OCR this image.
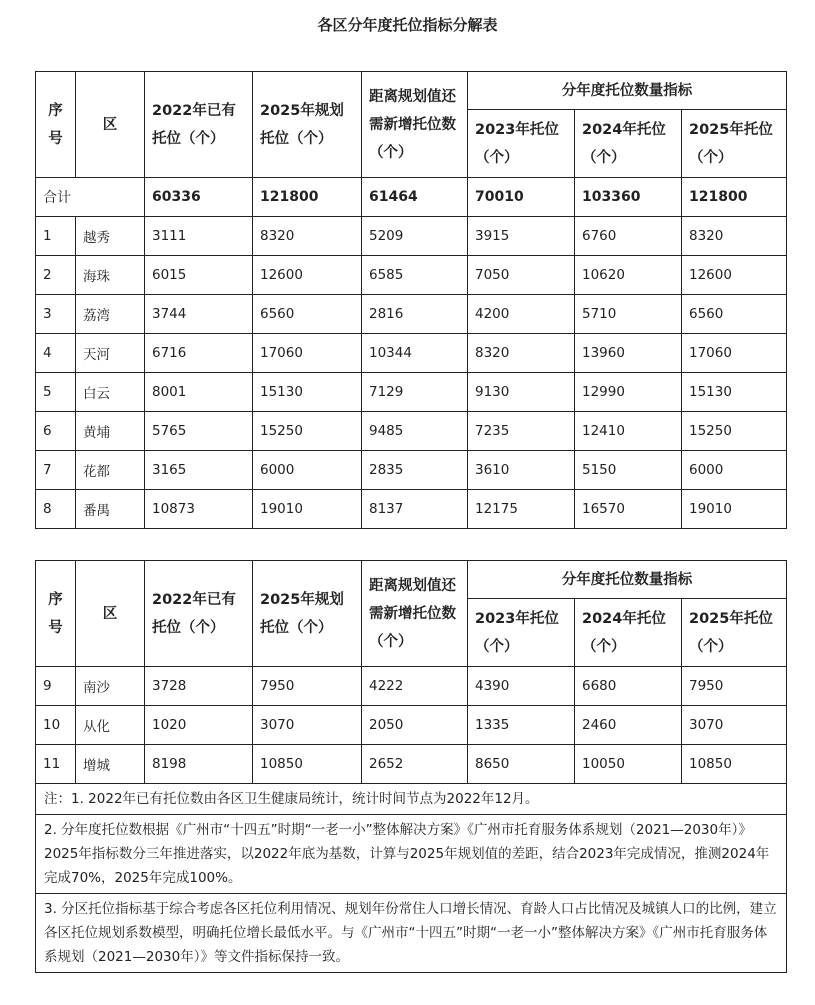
各区分年度托位指标分解表
序号	区	2022年已有托位（个）	2025年规划托位（个）	距离规划值还需新增托位数（个）	分年度托位数量指标		
					2023年托位（个）	2024年托位（个）	2025年托位（个）
合计		60336	121800	61464	70010	103360	121800
1	越秀	3111	8320	5209	3915	6760	8320
2	海珠	6015	12600	6585	7050	10620	12600
3	荔湾	3744	6560	2816	4200	5710	6560
4	天河	6716	17060	10344	8320	13960	17060
5	白云	8001	15130	7129	9130	12990	15130
6	黄埔	5765	15250	9485	7235	12410	15250
7	花都	3165	6000	2835	3610	5150	6000
8	番禺	10873	19010	8137	12175	16570	19010
序号	区	2022年已有托位（个）	2025年规划托位（个）	距离规划值还需新增托位数（个）	分年度托位数量指标		
					2023年托位（个）	2024年托位（个）	2025年托位（个）
9	南沙	3728	7950	4222	4390	6680	7950
10	从化	1020	3070	2050	1335	2460	3070
11	增城	8198	10850	2652	8650	10050	10850
注：1. 2022年已有托位数由各区卫生健康局统计，统计时间节点为2022年12月。							
2. 分年度托位数根据《广州市“十四五”时期“一老一小”整体解决方案》《广州市托育服务体系规划（2021—2030年）》2025年指标数分三年推进落实，以2022年底为基数，计算与2025年规划值的差距，结合2023年完成情况，推测2024年完成70%，2025年完成100%。							
3. 分区托位指标基于综合考虑各区托位利用情况、规划年份常住人口增长情况、育龄人口占比情况及城镇人口的比例，建立各区托位规划系数模型，明确托位增长最低水平。与《广州市“十四五”时期“一老一小”整体解决方案》《广州市托育服务体系规划（2021—2030年）》等文件指标保持一致。							
